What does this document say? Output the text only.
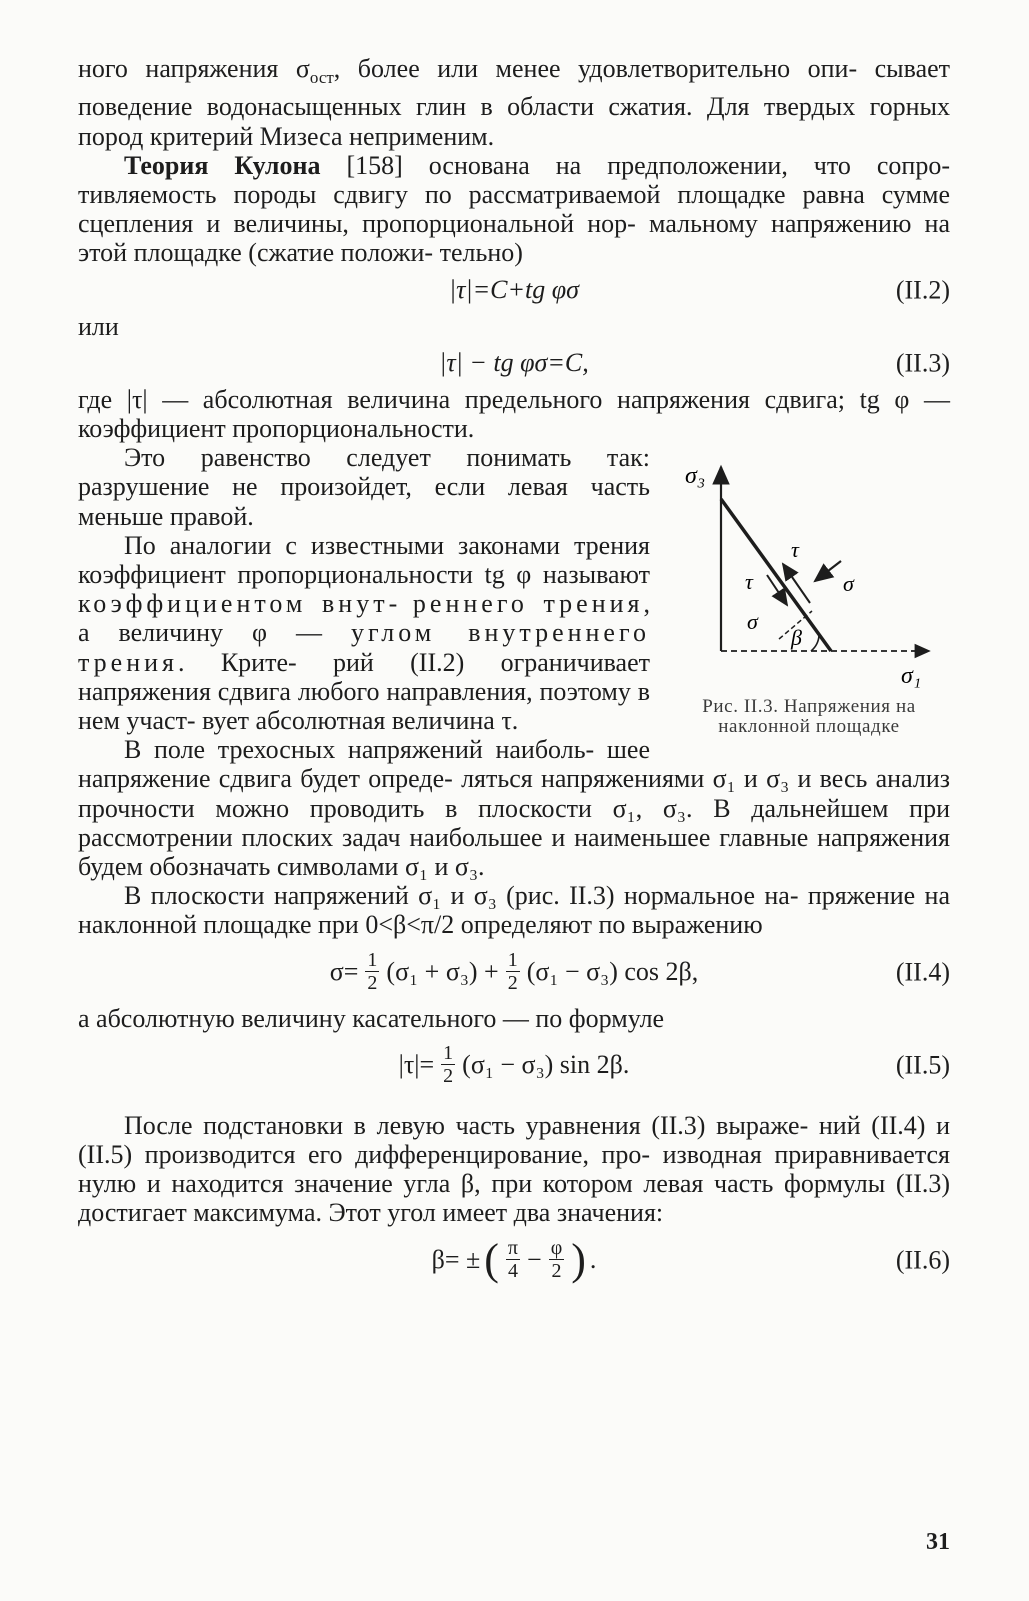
ного напряжения $\sigma_{ост}$, более или менее удовлетворительно опи- сывает поведение водонасыщенных глин в области сжатия. Для твердых горных пород критерий Мизеса неприменим.

Теория Кулона [158] основана на предположении, что сопро- тивляемость породы сдвигу по рассматриваемой площадке равна сумме сцепления и величины, пропорциональной нор- мальному напряжению на этой площадке (сжатие положи- тельно)

|τ|=C+tg φσ	(II.2)

или

|τ| − tg φσ=C,	(II.3)

где |τ| — абсолютная величина предельного напряжения сдвига; tg φ — коэффициент пропорциональности.

σ₃
σ₁
τ
τ	σ
σ
β
Рис. II.3. Напряжения на наклонной площадке

Это равенство следует понимать так: разрушение не произойдет, если левая часть меньше правой.

По аналогии с известными законами трения коэффициент пропорциональности tg φ называют коэффициентом внут- реннего трения, а величину φ — углом внутреннего трения. Крите- рий (II.2) ограничивает напряжения сдвига любого направления, поэтому в нем участ- вует абсолютная величина τ.

В поле трехосных напряжений наиболь- шее напряжение сдвига будет опреде- ляться напряжениями σ₁ и σ₃ и весь анализ прочности можно проводить в плоскости σ₁, σ₃. В дальнейшем при рассмотрении плоских задач наибольшее и наименьшее главные напряжения будем обозначать символами σ₁ и σ₃.

В плоскости напряжений σ₁ и σ₃ (рис. II.3) нормальное на- пряжение на наклонной площадке при 0<β<π/2 определяют по выражению

$\sigma= \frac{1}{2} (\sigma_1 + \sigma_3) + \frac{1}{2} (\sigma_1 - \sigma_3)$ cos 2β,	(II.4)

а абсолютную величину касательного — по формуле

$|\tau|= \frac{1}{2} (\sigma_1 - \sigma_3)$ sin 2β.	(II.5)

После подстановки в левую часть уравнения (II.3) выраже- ний (II.4) и (II.5) производится его дифференцирование, про- изводная приравнивается нулю и находится значение угла β, при котором левая часть формулы (II.3) достигает максимума. Этот угол имеет два значения:

β= ± ( $\frac{\pi}{4} - \frac{\varphi}{2}$ ) .	(II.6)
31
